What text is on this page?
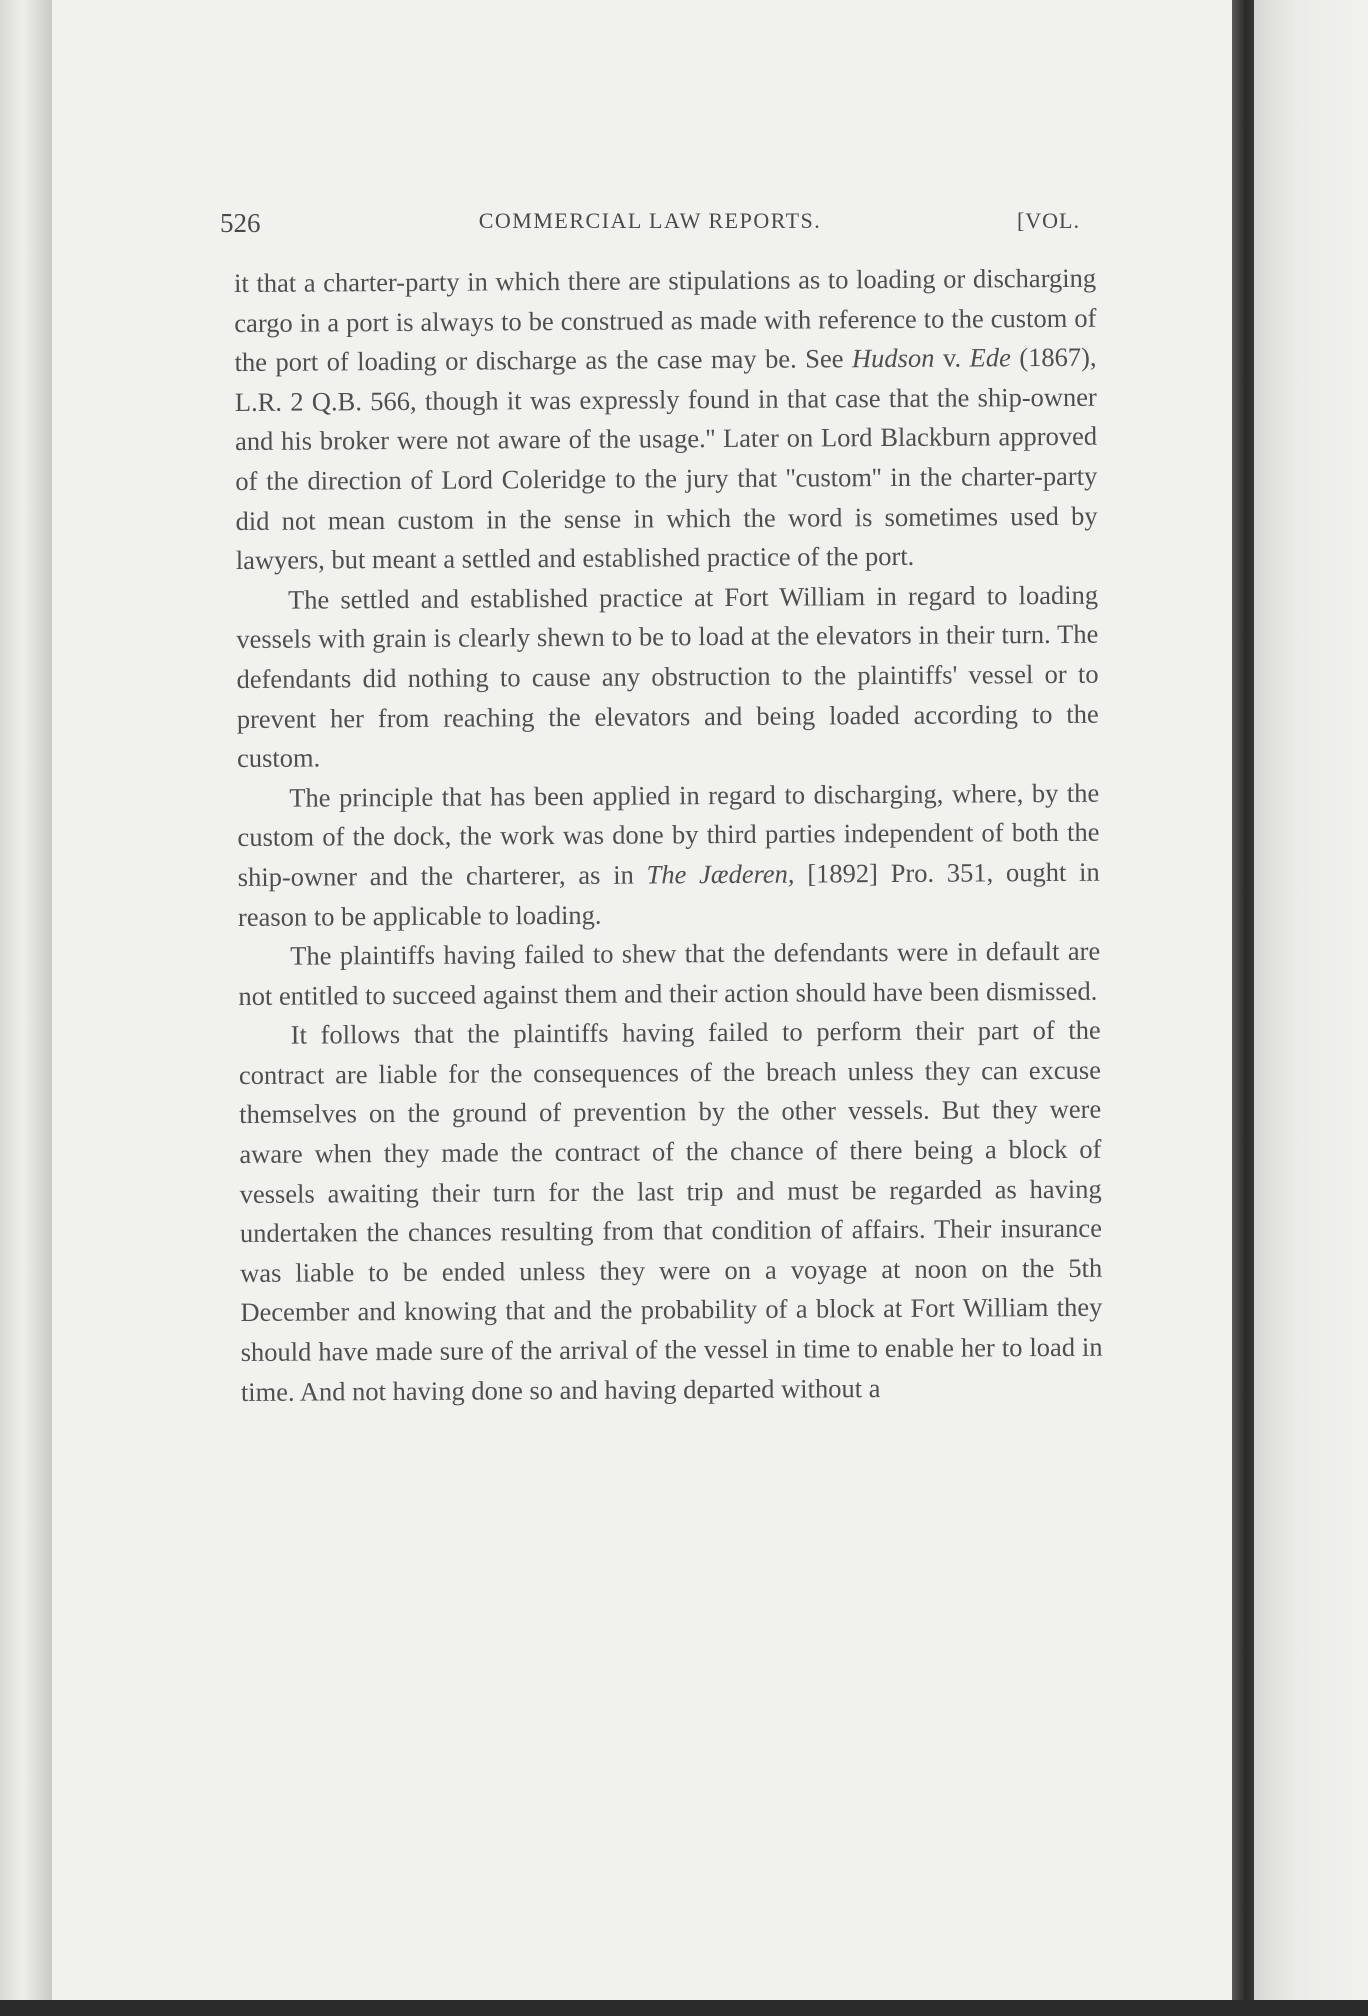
526	COMMERCIAL LAW REPORTS.	[VOL.

it that a charter-party in which there are stipulations as to loading or discharging cargo in a port is always to be construed as made with reference to the custom of the port of loading or discharge as the case may be. See Hudson v. Ede (1867), L.R. 2 Q.B. 566, though it was expressly found in that case that the ship-owner and his broker were not aware of the usage.'' Later on Lord Blackburn approved of the direction of Lord Coleridge to the jury that ''custom'' in the charter-party did not mean custom in the sense in which the word is sometimes used by lawyers, but meant a settled and established practice of the port.

The settled and established practice at Fort William in regard to loading vessels with grain is clearly shewn to be to load at the elevators in their turn. The defendants did nothing to cause any obstruction to the plaintiffs' vessel or to prevent her from reaching the elevators and being loaded according to the custom.

The principle that has been applied in regard to discharging, where, by the custom of the dock, the work was done by third parties independent of both the ship-owner and the charterer, as in The Jæderen, [1892] Pro. 351, ought in reason to be applicable to loading.

The plaintiffs having failed to shew that the defendants were in default are not entitled to succeed against them and their action should have been dismissed.

It follows that the plaintiffs having failed to perform their part of the contract are liable for the consequences of the breach unless they can excuse themselves on the ground of prevention by the other vessels. But they were aware when they made the contract of the chance of there being a block of vessels awaiting their turn for the last trip and must be regarded as having undertaken the chances resulting from that condition of affairs. Their insurance was liable to be ended unless they were on a voyage at noon on the 5th December and knowing that and the probability of a block at Fort William they should have made sure of the arrival of the vessel in time to enable her to load in time. And not having done so and having departed without a
